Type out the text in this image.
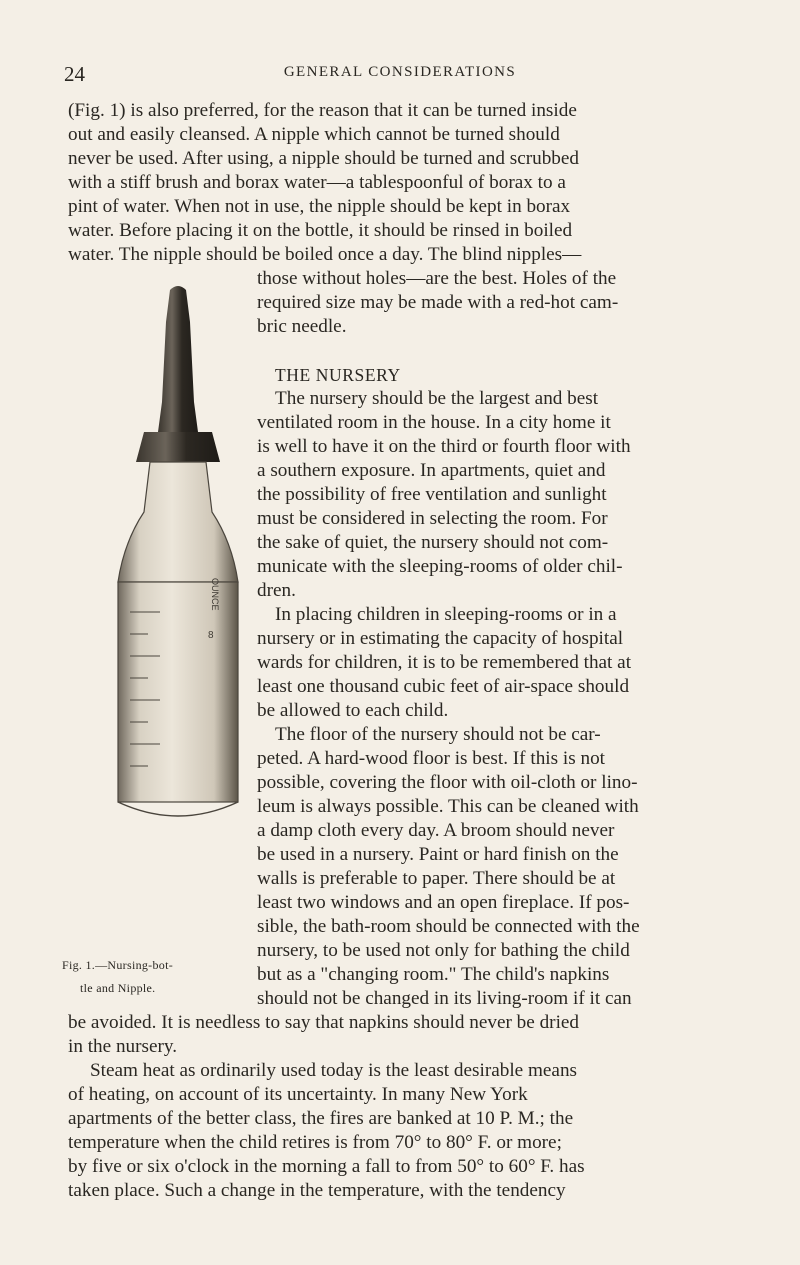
24	GENERAL CONSIDERATIONS
(Fig. 1) is also preferred, for the reason that it can be turned inside
out and easily cleansed. A nipple which cannot be turned should
never be used. After using, a nipple should be turned and scrubbed
with a stiff brush and borax water—a tablespoonful of borax to a
pint of water. When not in use, the nipple should be kept in borax
water. Before placing it on the bottle, it should be rinsed in boiled
water. The nipple should be boiled once a day. The blind nipples—
those without holes—are the best. Holes of the
required size may be made with a red-hot cam-
bric needle.
THE NURSERY
The nursery should be the largest and best
ventilated room in the house. In a city home it
is well to have it on the third or fourth floor with
a southern exposure. In apartments, quiet and
the possibility of free ventilation and sunlight
must be considered in selecting the room. For
the sake of quiet, the nursery should not com-
municate with the sleeping-rooms of older chil-
dren.
In placing children in sleeping-rooms or in a
nursery or in estimating the capacity of hospital
wards for children, it is to be remembered that at
least one thousand cubic feet of air-space should
be allowed to each child.
The floor of the nursery should not be car-
peted. A hard-wood floor is best. If this is not
possible, covering the floor with oil-cloth or lino-
leum is always possible. This can be cleaned with
a damp cloth every day. A broom should never
be used in a nursery. Paint or hard finish on the
walls is preferable to paper. There should be at
least two windows and an open fireplace. If pos-
sible, the bath-room should be connected with the
nursery, to be used not only for bathing the child
but as a "changing room." The child's napkins
should not be changed in its living-room if it can
be avoided. It is needless to say that napkins should never be dried
in the nursery.
Steam heat as ordinarily used today is the least desirable means
of heating, on account of its uncertainty. In many New York
apartments of the better class, the fires are banked at 10 P. M.; the
temperature when the child retires is from 70° to 80° F. or more;
by five or six o'clock in the morning a fall to from 50° to 60° F. has
taken place. Such a change in the temperature, with the tendency
OUNCE
8
Fig. 1.—Nursing-bot-
tle and Nipple.
